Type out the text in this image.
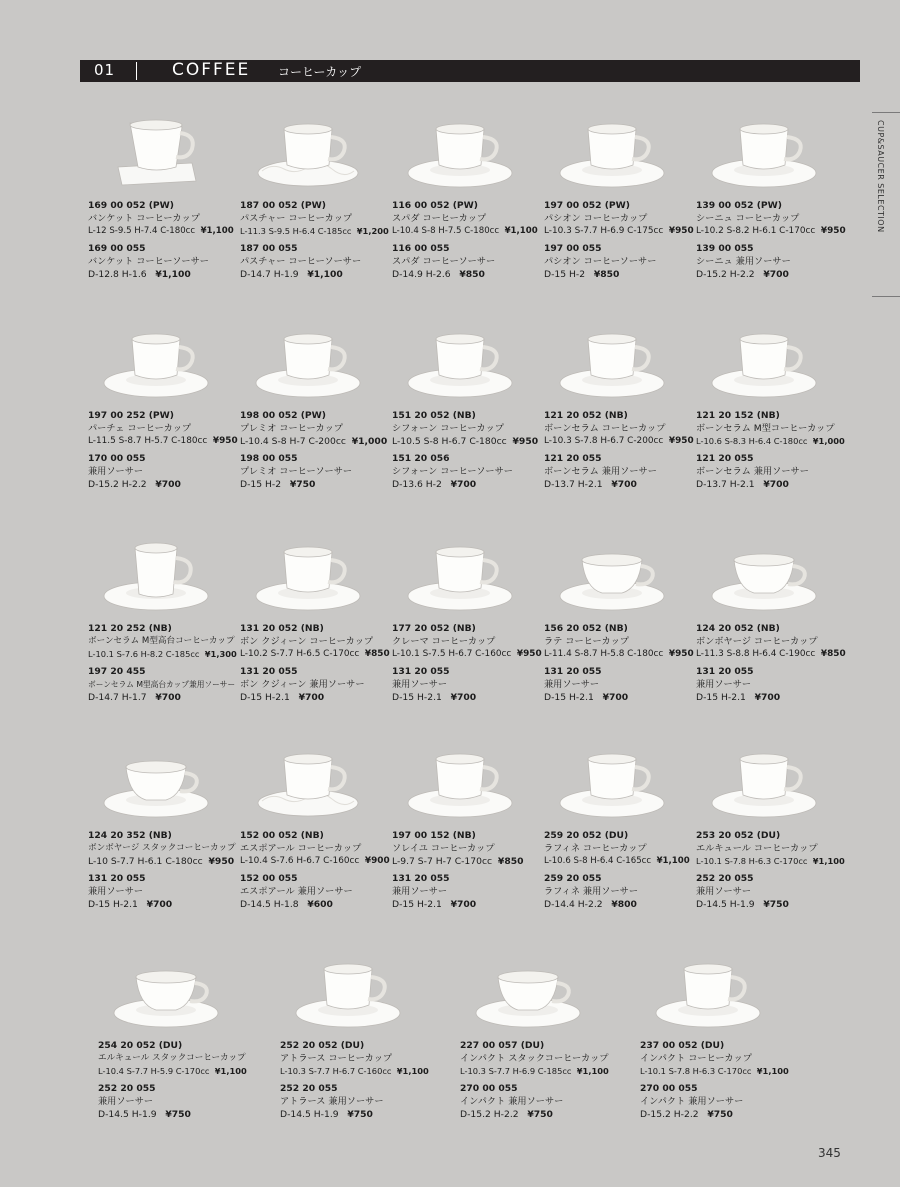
01	COFFEE コーヒーカップ
CUP&SAUCER SELECTION
169 00 052 (PW)
バンケット コーヒーカップ
L-12 S-9.5 H-7.4 C-180cc ¥1,100
169 00 055
バンケット コーヒーソーサー
D-12.8 H-1.6 ¥1,100
187 00 052 (PW)
パスチャー コーヒーカップ
L-11.3 S-9.5 H-6.4 C-185cc ¥1,200
187 00 055
パスチャー コーヒーソーサー
D-14.7 H-1.9 ¥1,100
116 00 052 (PW)
スパダ コーヒーカップ
L-10.4 S-8 H-7.5 C-180cc ¥1,100
116 00 055
スパダ コーヒーソーサー
D-14.9 H-2.6 ¥850
197 00 052 (PW)
パシオン コーヒーカップ
L-10.3 S-7.7 H-6.9 C-175cc ¥950
197 00 055
パシオン コーヒーソーサー
D-15 H-2 ¥850
139 00 052 (PW)
シーニュ コーヒーカップ
L-10.2 S-8.2 H-6.1 C-170cc ¥950
139 00 055
シーニュ 兼用ソーサー
D-15.2 H-2.2 ¥700
197 00 252 (PW)
パーチェ コーヒーカップ
L-11.5 S-8.7 H-5.7 C-180cc ¥950
170 00 055
兼用ソーサー
D-15.2 H-2.2 ¥700
198 00 052 (PW)
プレミオ コーヒーカップ
L-10.4 S-8 H-7 C-200cc ¥1,000
198 00 055
プレミオ コーヒーソーサー
D-15 H-2 ¥750
151 20 052 (NB)
シフォーン コーヒーカップ
L-10.5 S-8 H-6.7 C-180cc ¥950
151 20 056
シフォーン コーヒーソーサー
D-13.6 H-2 ¥700
121 20 052 (NB)
ボーンセラム コーヒーカップ
L-10.3 S-7.8 H-6.7 C-200cc ¥950
121 20 055
ボーンセラム 兼用ソーサー
D-13.7 H-2.1 ¥700
121 20 152 (NB)
ボーンセラム M型コーヒーカップ
L-10.6 S-8.3 H-6.4 C-180cc ¥1,000
121 20 055
ボーンセラム 兼用ソーサー
D-13.7 H-2.1 ¥700
121 20 252 (NB)
ボーンセラム M型高台コーヒーカップ
L-10.1 S-7.6 H-8.2 C-185cc ¥1,300
197 20 455
ボーンセラム M型高台カップ兼用ソーサー
D-14.7 H-1.7 ¥700
131 20 052 (NB)
ボン クジィーン コーヒーカップ
L-10.2 S-7.7 H-6.5 C-170cc ¥850
131 20 055
ボン クジィーン 兼用ソーサー
D-15 H-2.1 ¥700
177 20 052 (NB)
クレーマ コーヒーカップ
L-10.1 S-7.5 H-6.7 C-160cc ¥950
131 20 055
兼用ソーサー
D-15 H-2.1 ¥700
156 20 052 (NB)
ラテ コーヒーカップ
L-11.4 S-8.7 H-5.8 C-180cc ¥950
131 20 055
兼用ソーサー
D-15 H-2.1 ¥700
124 20 052 (NB)
ボンボヤージ コーヒーカップ
L-11.3 S-8.8 H-6.4 C-190cc ¥850
131 20 055
兼用ソーサー
D-15 H-2.1 ¥700
124 20 352 (NB)
ボンボヤージ スタックコーヒーカップ
L-10 S-7.7 H-6.1 C-180cc ¥950
131 20 055
兼用ソーサー
D-15 H-2.1 ¥700
152 00 052 (NB)
エスポアール コーヒーカップ
L-10.4 S-7.6 H-6.7 C-160cc ¥900
152 00 055
エスポアール 兼用ソーサー
D-14.5 H-1.8 ¥600
197 00 152 (NB)
ソレイユ コーヒーカップ
L-9.7 S-7 H-7 C-170cc ¥850
131 20 055
兼用ソーサー
D-15 H-2.1 ¥700
259 20 052 (DU)
ラフィネ コーヒーカップ
L-10.6 S-8 H-6.4 C-165cc ¥1,100
259 20 055
ラフィネ 兼用ソーサー
D-14.4 H-2.2 ¥800
253 20 052 (DU)
エルキュール コーヒーカップ
L-10.1 S-7.8 H-6.3 C-170cc ¥1,100
252 20 055
兼用ソーサー
D-14.5 H-1.9 ¥750
254 20 052 (DU)
エルキュール スタックコーヒーカップ
L-10.4 S-7.7 H-5.9 C-170cc ¥1,100
252 20 055
兼用ソーサー
D-14.5 H-1.9 ¥750
252 20 052 (DU)
アトラース コーヒーカップ
L-10.3 S-7.7 H-6.7 C-160cc ¥1,100
252 20 055
アトラース 兼用ソーサー
D-14.5 H-1.9 ¥750
227 00 057 (DU)
インパクト スタックコーヒーカップ
L-10.3 S-7.7 H-6.9 C-185cc ¥1,100
270 00 055
インパクト 兼用ソーサー
D-15.2 H-2.2 ¥750
237 00 052 (DU)
インパクト コーヒーカップ
L-10.1 S-7.8 H-6.3 C-170cc ¥1,100
270 00 055
インパクト 兼用ソーサー
D-15.2 H-2.2 ¥750
345
